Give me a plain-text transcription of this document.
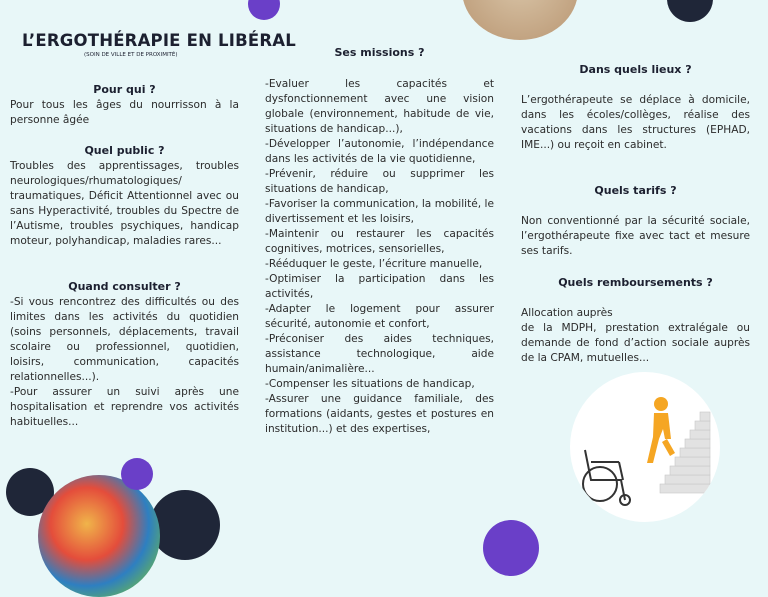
L’ERGOTHÉRAPIE EN LIBÉRAL
(SOIN DE VILLE ET DE PROXIMITÉ)
Pour qui ?
Pour tous les âges du nourrisson à la personne âgée
Quel public ?
Troubles des apprentissages, troubles neurologiques/rhumatologiques/ traumatiques, Déficit Attentionnel avec ou sans Hyperactivité, troubles du Spectre de l’Autisme, troubles psychiques, handicap moteur, polyhandicap, maladies rares...
Quand consulter ?
-Si vous rencontrez des difficultés ou des limites dans les activités du quotidien (soins personnels, déplacements, travail scolaire ou professionnel, quotidien, loisirs, communication, capacités relationnelles...).
-Pour assurer un suivi après une hospitalisation et reprendre vos activités habituelles...
Ses missions ?
-Evaluer les capacités et dysfonctionnement avec une vision globale (environnement, habitude de vie, situations de handicap...),
-Développer l’autonomie, l’indépendance dans les activités de la vie quotidienne,
-Prévenir, réduire ou supprimer les situations de handicap,
-Favoriser la communication, la mobilité, le divertissement et les loisirs,
-Maintenir ou restaurer les capacités cognitives, motrices, sensorielles,
-Rééduquer le geste, l’écriture manuelle,
-Optimiser la participation dans les activités,
-Adapter le logement pour assurer sécurité, autonomie et confort,
-Préconiser des aides techniques, assistance technologique, aide humain/animalière...
-Compenser les situations de handicap,
-Assurer une guidance familiale, des formations (aidants, gestes et postures en institution...) et des expertises,
Dans quels lieux ?
L’ergothérapeute se déplace à domicile, dans les écoles/collèges, réalise des vacations dans les structures (EPHAD, IME...) ou reçoit en cabinet.
Quels tarifs ?
Non conventionné par la sécurité sociale, l’ergothérapeute fixe avec tact et mesure ses tarifs.
Quels remboursements ?
Allocation auprès
de la MDPH, prestation extralégale ou demande de fond d’action sociale auprès de la CPAM, mutuelles...
